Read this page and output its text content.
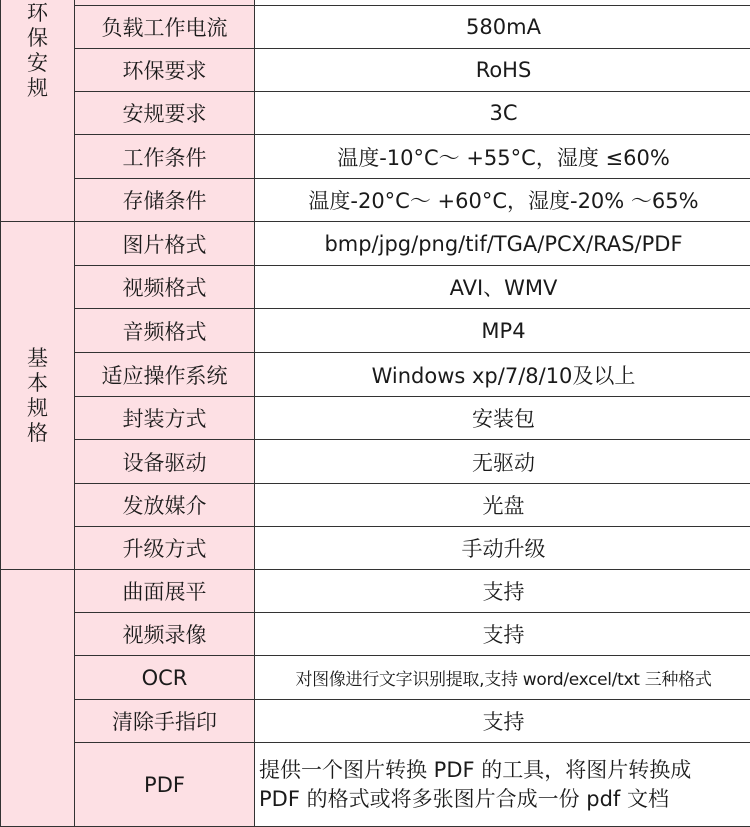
环保安规		
	负载工作电流	580mA
	环保要求	RoHS
	安规要求	3C
	工作条件	温度-10°C～ +55°C，湿度 ≤60%
	存储条件	温度-20°C～ +60°C，湿度-20% ～65%
基本规格	图片格式	bmp/jpg/png/tif/TGA/PCX/RAS/PDF
	视频格式	AVI、WMV
	音频格式	MP4
	适应操作系统	Windows xp/7/8/10及以上
	封装方式	安装包
	设备驱动	无驱动
	发放媒介	光盘
	升级方式	手动升级
	曲面展平	支持
	视频录像	支持
	OCR	对图像进行文字识别提取,支持 word/excel/txt 三种格式
	清除手指印	支持
	PDF	提供一个图片转换 PDF 的工具，将图片转换成
PDF 的格式或将多张图片合成一份 pdf 文档
